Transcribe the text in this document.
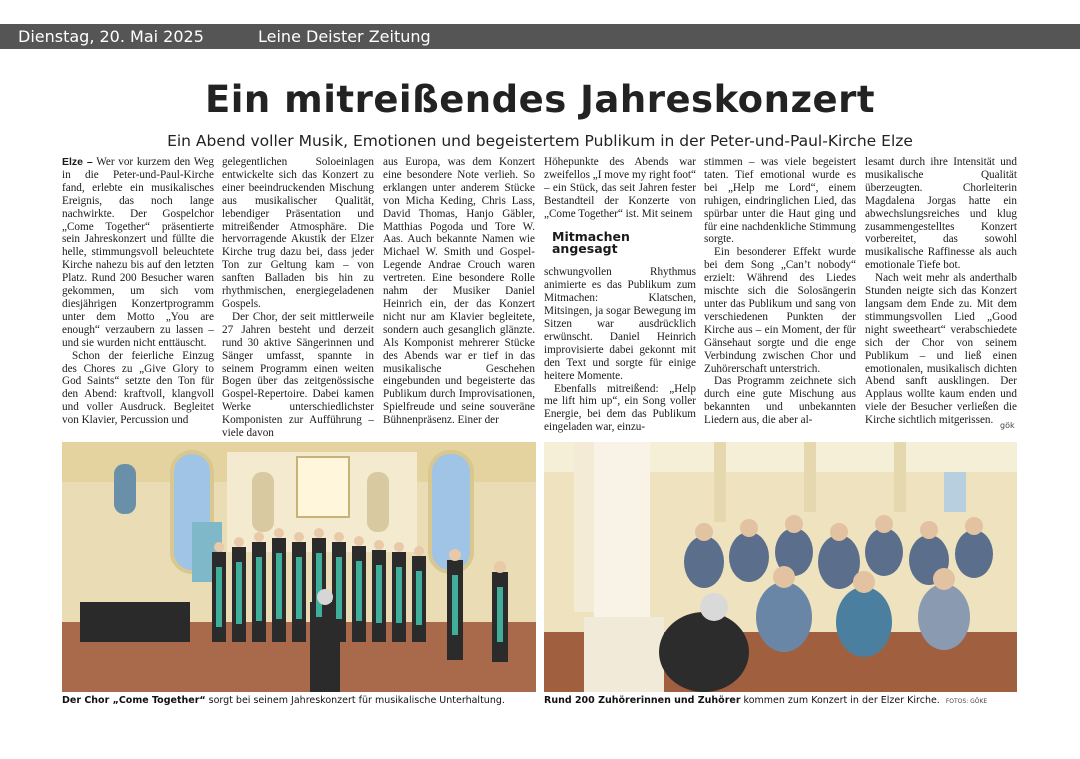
Dienstag, 20. Mai 2025	Leine Deister Zeitung
Ein mitreißendes Jahreskonzert
Ein Abend voller Musik, Emotionen und begeistertem Publikum in der Peter-und-Paul-Kirche Elze

Elze – Wer vor kurzem den Weg in die Peter-und-Paul-Kirche fand, erlebte ein musikalisches Ereignis, das noch lange nachwirkte. Der Gospelchor „Come Together“ präsentierte sein Jahreskonzert und füllte die helle, stimmungsvoll beleuchtete Kirche nahezu bis auf den letzten Platz. Rund 200 Besucher waren gekommen, um sich vom diesjährigen Konzertprogramm unter dem Motto „You are enough“ verzaubern zu lassen – und sie wurden nicht enttäuscht.

Schon der feierliche Einzug des Chores zu „Give Glory to God Saints“ setzte den Ton für den Abend: kraftvoll, klangvoll und voller Ausdruck. Begleitet von Klavier, Percussion und

gelegentlichen Soloeinlagen entwickelte sich das Konzert zu einer beeindruckenden Mischung aus musikalischer Qualität, lebendiger Präsentation und mitreißender Atmosphäre. Die hervorragende Akustik der Elzer Kirche trug dazu bei, dass jeder Ton zur Geltung kam – von sanften Balladen bis hin zu rhythmischen, energiegeladenen Gospels.

Der Chor, der seit mittlerweile 27 Jahren besteht und derzeit rund 30 aktive Sängerinnen und Sänger umfasst, spannte in seinem Programm einen weiten Bogen über das zeitgenössische Gospel-Repertoire. Dabei kamen Werke unterschiedlichster Komponisten zur Aufführung – viele davon

aus Europa, was dem Konzert eine besondere Note verlieh. So erklangen unter anderem Stücke von Micha Keding, Chris Lass, David Thomas, Hanjo Gäbler, Matthias Pogoda und Tore W. Aas. Auch bekannte Namen wie Michael W. Smith und Gospel-Legende Andrae Crouch waren vertreten. Eine besondere Rolle nahm der Musiker Daniel Heinrich ein, der das Konzert nicht nur am Klavier begleitete, sondern auch gesanglich glänzte. Als Komponist mehrerer Stücke des Abends war er tief in das musikalische Geschehen eingebunden und begeisterte das Publikum durch Improvisationen, Spielfreude und seine souveräne Bühnenpräsenz. Einer der

Höhepunkte des Abends war zweifellos „I move my right foot“ – ein Stück, das seit Jahren fester Bestandteil der Konzerte von „Come Together“ ist. Mit seinem

Mitmachen angesagt

schwungvollen Rhythmus animierte es das Publikum zum Mitmachen: Klatschen, Mitsingen, ja sogar Bewegung im Sitzen war ausdrücklich erwünscht. Daniel Heinrich improvisierte dabei gekonnt mit den Text und sorgte für einige heitere Momente.

Ebenfalls mitreißend: „Help me lift him up“, ein Song voller Energie, bei dem das Publikum eingeladen war, einzu-

stimmen – was viele begeistert taten. Tief emotional wurde es bei „Help me Lord“, einem ruhigen, eindringlichen Lied, das spürbar unter die Haut ging und für eine nachdenkliche Stimmung sorgte.

Ein besonderer Effekt wurde bei dem Song „Can’t nobody“ erzielt: Während des Liedes mischte sich die Solosängerin unter das Publikum und sang von verschiedenen Punkten der Kirche aus – ein Moment, der für Gänsehaut sorgte und die enge Verbindung zwischen Chor und Zuhörerschaft unterstrich.

Das Programm zeichnete sich durch eine gute Mischung aus bekannten und unbekannten Liedern aus, die aber al-

lesamt durch ihre Intensität und musikalische Qualität überzeugten. Chorleiterin Magdalena Jorgas hatte ein abwechslungsreiches und klug zusammengestelltes Konzert vorbereitet, das sowohl musikalische Raffinesse als auch emotionale Tiefe bot.

Nach weit mehr als anderthalb Stunden neigte sich das Konzert langsam dem Ende zu. Mit dem stimmungsvollen Lied „Good night sweetheart“ verabschiedete sich der Chor von seinem Publikum – und ließ einen emotionalen, musikalisch dichten Abend sanft ausklingen. Der Applaus wollte kaum enden und viele der Besucher verließen die Kirche sichtlich mitgerissen. gök
Der Chor „Come Together“ sorgt bei seinem Jahreskonzert für musikalische Unterhaltung.	Rund 200 Zuhörerinnen und Zuhörer kommen zum Konzert in der Elzer Kirche. FOTOS: GÖKE
